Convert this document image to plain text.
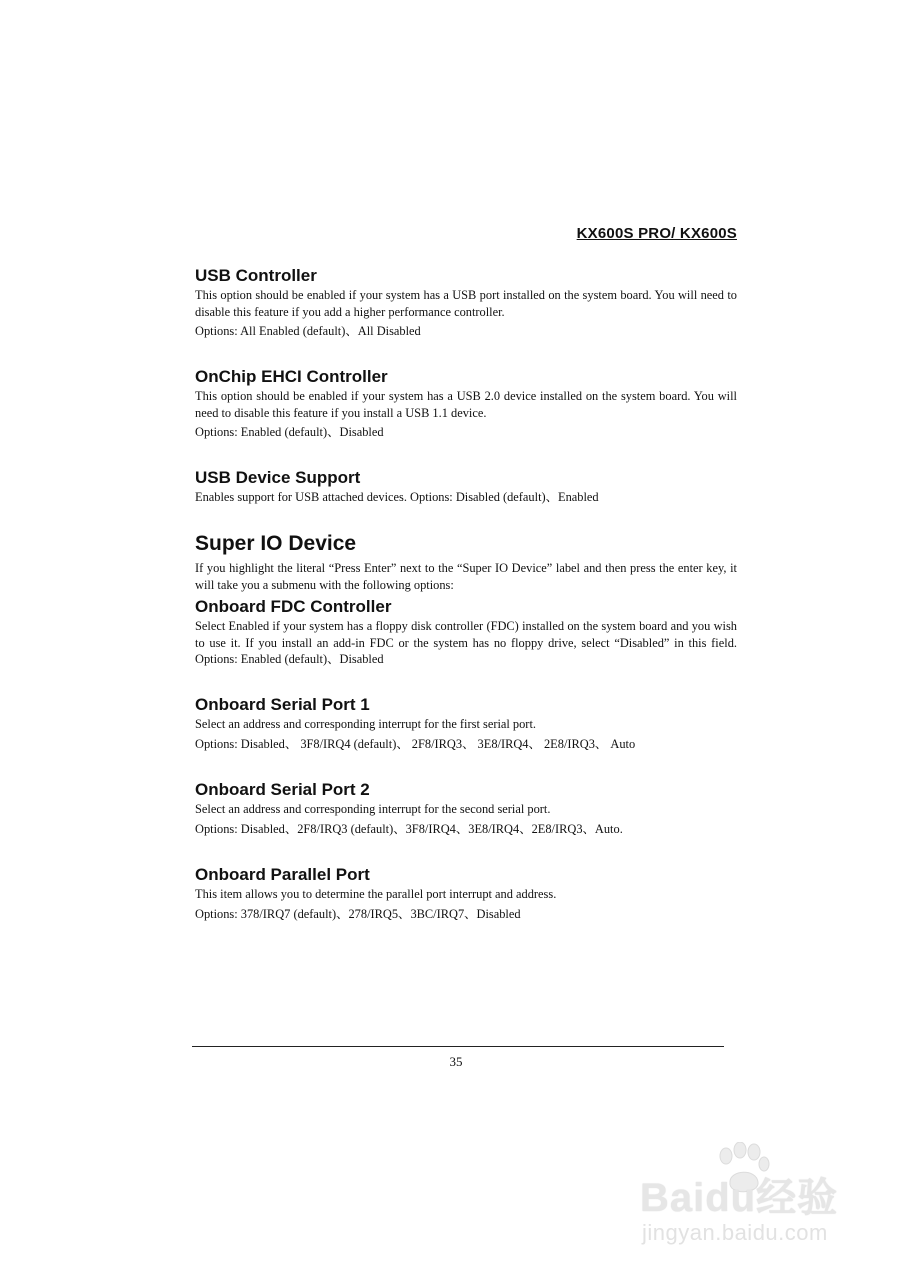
KX600S PRO/ KX600S
USB Controller

This option should be enabled if your system has a USB port installed on the system board. You will need to disable this feature if you add a higher performance controller.

Options: All Enabled (default)、All Disabled

OnChip EHCI Controller

This option should be enabled if your system has a USB 2.0 device installed on the system board. You will need to disable this feature if you install a USB 1.1 device.

Options: Enabled (default)、Disabled

USB Device Support

Enables support for USB attached devices. Options: Disabled (default)、Enabled

Super IO Device

If you highlight the literal “Press Enter” next to the “Super IO Device” label and then press the enter key, it will take you a submenu with the following options:

Onboard FDC Controller

Select Enabled if your system has a floppy disk controller (FDC) installed on the system board and you wish to use it. If you install an add-in FDC or the system has no floppy drive, select “Disabled” in this field. Options: Enabled (default)、Disabled

Onboard Serial Port 1

Select an address and corresponding interrupt for the first serial port.

Options: Disabled、 3F8/IRQ4 (default)、 2F8/IRQ3、 3E8/IRQ4、 2E8/IRQ3、 Auto

Onboard Serial Port 2

Select an address and corresponding interrupt for the second serial port.

Options: Disabled、2F8/IRQ3 (default)、3F8/IRQ4、3E8/IRQ4、2E8/IRQ3、Auto.

Onboard Parallel Port

This item allows you to determine the parallel port interrupt and address.

Options: 378/IRQ7 (default)、278/IRQ5、3BC/IRQ7、Disabled

35
Baidu经验
jingyan.baidu.com
